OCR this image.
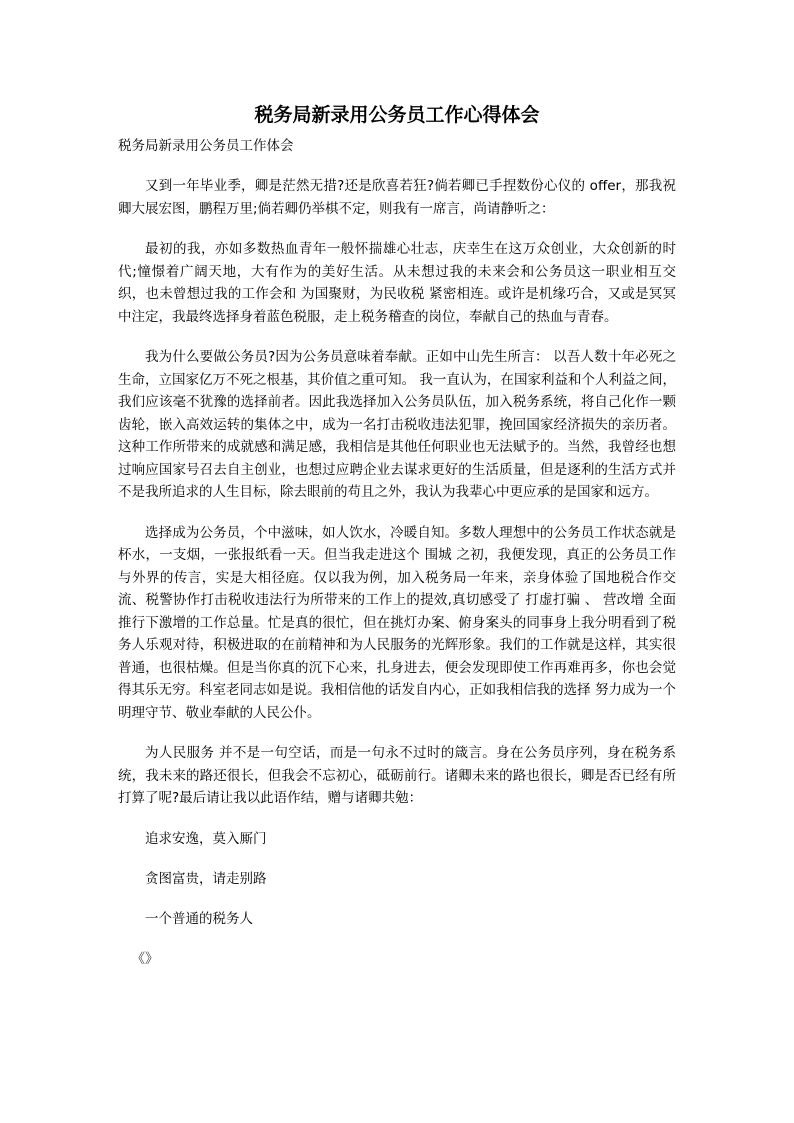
税务局新录用公务员工作心得体会
税务局新录用公务员工作体会

又到一年毕业季，卿是茫然无措?还是欣喜若狂?倘若卿已手捏数份心仪的 offer，那我祝卿大展宏图，鹏程万里;倘若卿仍举棋不定，则我有一席言，尚请静听之：

最初的我，亦如多数热血青年一般怀揣雄心壮志，庆幸生在这万众创业，大众创新的时代;憧憬着广阔天地，大有作为的美好生活。从未想过我的未来会和公务员这一职业相互交织，也未曾想过我的工作会和 为国聚财，为民收税 紧密相连。或许是机缘巧合，又或是冥冥中注定，我最终选择身着蓝色税服，走上税务稽查的岗位，奉献自己的热血与青春。

我为什么要做公务员?因为公务员意味着奉献。正如中山先生所言： 以吾人数十年必死之生命，立国家亿万不死之根基，其价值之重可知。 我一直认为，在国家利益和个人利益之间，我们应该毫不犹豫的选择前者。因此我选择加入公务员队伍，加入税务系统，将自己化作一颗齿轮，嵌入高效运转的集体之中，成为一名打击税收违法犯罪，挽回国家经济损失的亲历者。这种工作所带来的成就感和满足感，我相信是其他任何职业也无法赋予的。当然，我曾经也想过响应国家号召去自主创业，也想过应聘企业去谋求更好的生活质量，但是逐利的生活方式并不是我所追求的人生目标，除去眼前的苟且之外，我认为我辈心中更应承的是国家和远方。

选择成为公务员，个中滋味，如人饮水，冷暖自知。多数人理想中的公务员工作状态就是杯水，一支烟，一张报纸看一天。但当我走进这个 围城 之初，我便发现，真正的公务员工作与外界的传言，实是大相径庭。仅以我为例，加入税务局一年来，亲身体验了国地税合作交流、税警协作打击税收违法行为所带来的工作上的提效,真切感受了 打虚打骗 、 营改增 全面推行下激增的工作总量。忙是真的很忙，但在挑灯办案、俯身案头的同事身上我分明看到了税务人乐观对待，积极进取的在前精神和为人民服务的光辉形象。我们的工作就是这样，其实很普通，也很枯燥。但是当你真的沉下心来，扎身进去，便会发现即使工作再难再多，你也会觉得其乐无穷。科室老同志如是说。我相信他的话发自内心，正如我相信我的选择 努力成为一个明理守节、敬业奉献的人民公仆。

为人民服务 并不是一句空话，而是一句永不过时的箴言。身在公务员序列，身在税务系统，我未来的路还很长，但我会不忘初心，砥砺前行。诸卿未来的路也很长，卿是否已经有所打算了呢?最后请让我以此语作结，赠与诸卿共勉：

追求安逸，莫入厮门
贪图富贵，请走别路
一个普通的税务人
《》
